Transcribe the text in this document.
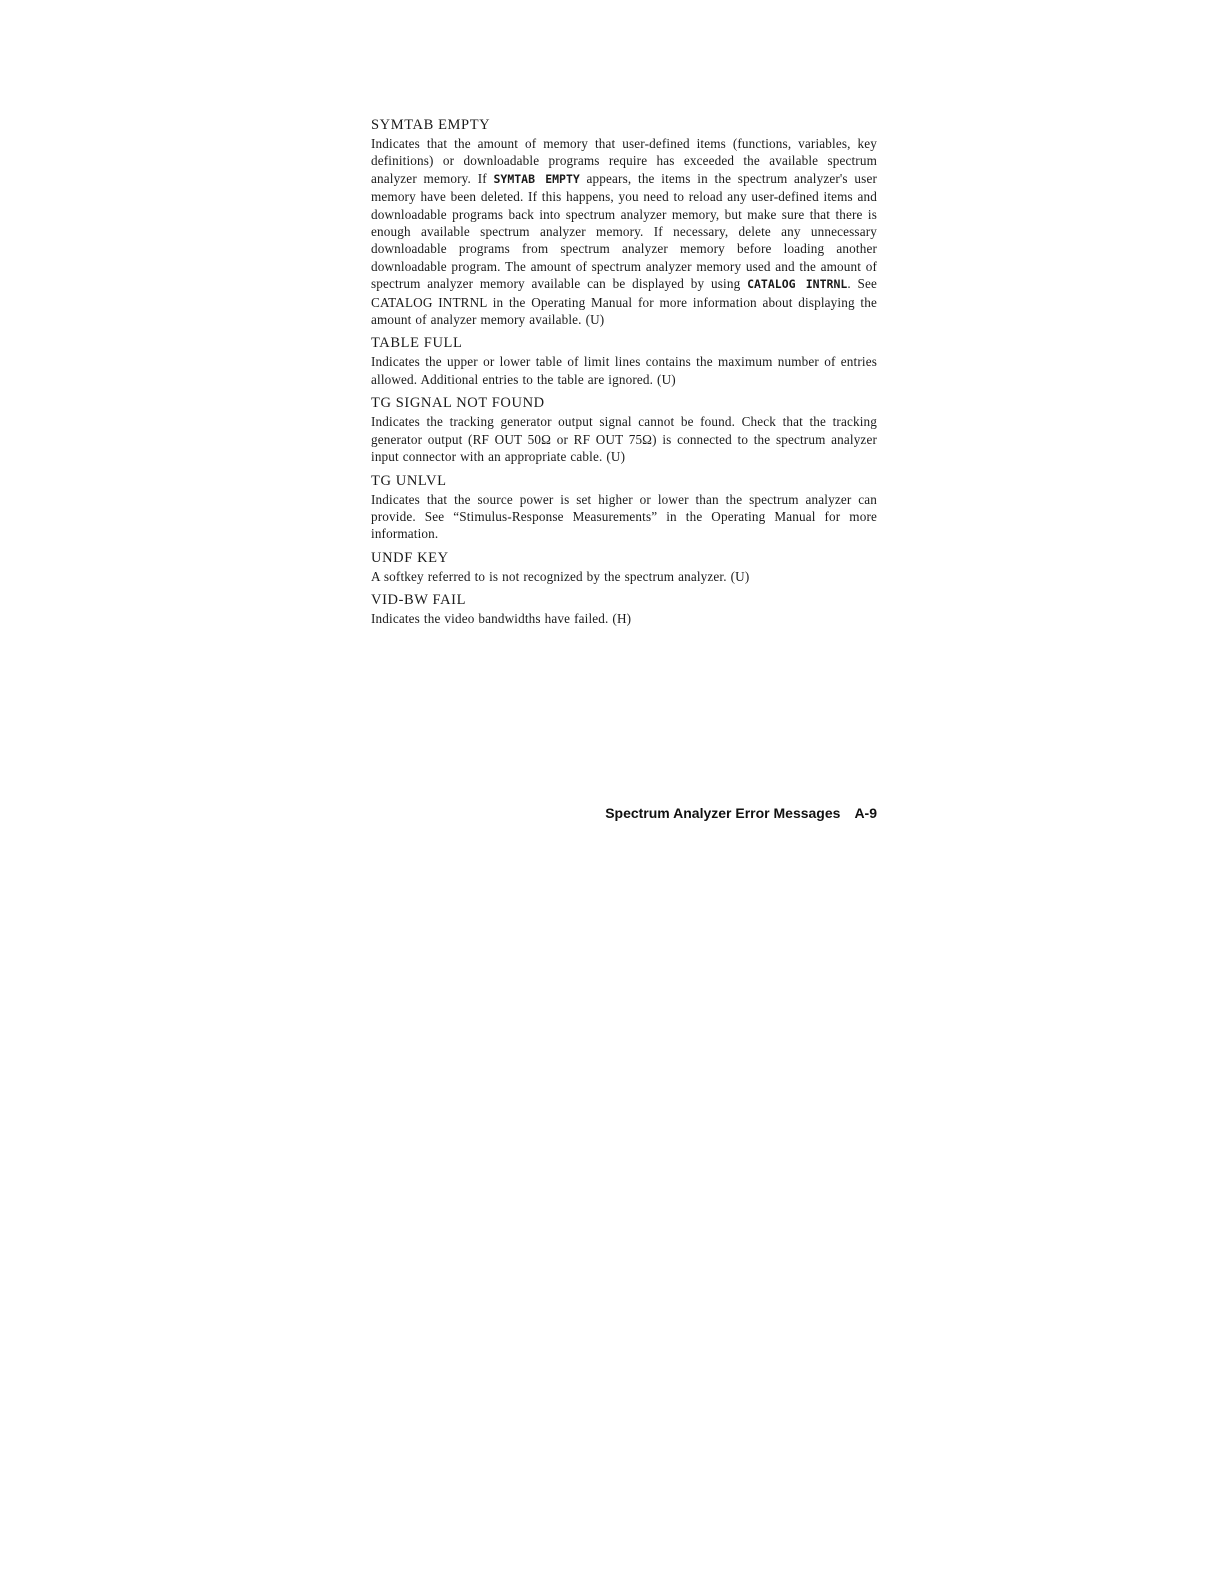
SYMTAB EMPTY

Indicates that the amount of memory that user-defined items (functions, variables, key definitions) or downloadable programs require has exceeded the available spectrum analyzer memory. If SYMTAB EMPTY appears, the items in the spectrum analyzer's user memory have been deleted. If this happens, you need to reload any user-defined items and downloadable programs back into spectrum analyzer memory, but make sure that there is enough available spectrum analyzer memory. If necessary, delete any unnecessary downloadable programs from spectrum analyzer memory before loading another downloadable program. The amount of spectrum analyzer memory used and the amount of spectrum analyzer memory available can be displayed by using CATALOG INTRNL. See CATALOG INTRNL in the Operating Manual for more information about displaying the amount of analyzer memory available. (U)

TABLE FULL

Indicates the upper or lower table of limit lines contains the maximum number of entries allowed. Additional entries to the table are ignored. (U)

TG SIGNAL NOT FOUND

Indicates the tracking generator output signal cannot be found. Check that the tracking generator output (RF OUT 50Ω or RF OUT 75Ω) is connected to the spectrum analyzer input connector with an appropriate cable. (U)

TG UNLVL

Indicates that the source power is set higher or lower than the spectrum analyzer can provide. See “Stimulus-Response Measurements” in the Operating Manual for more information.

UNDF KEY

A softkey referred to is not recognized by the spectrum analyzer. (U)

VID-BW FAIL

Indicates the video bandwidths have failed. (H)

Spectrum Analyzer Error Messages A-9
